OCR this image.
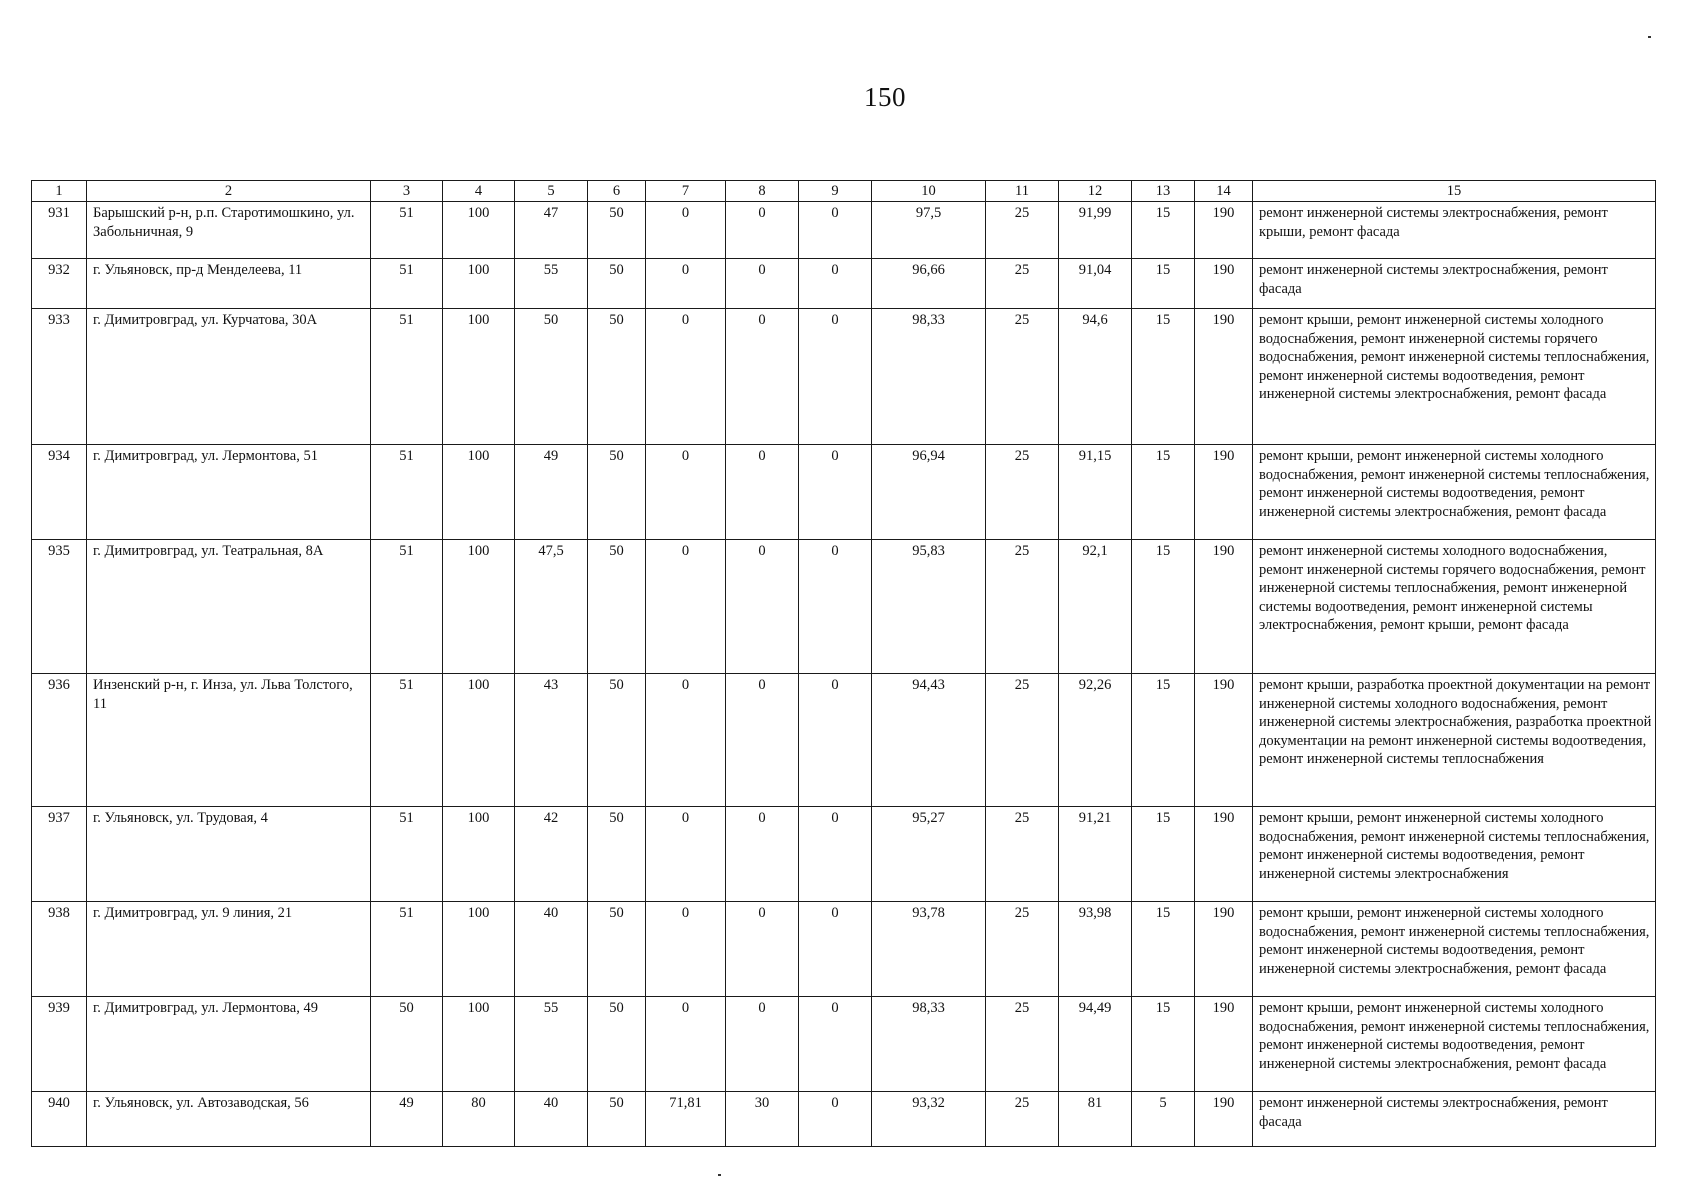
150
1	2	3	4	5	6	7	8	9	10	11	12	13	14	15
931	Барышский р-н, р.п. Старотимошкино, ул. Забольничная, 9	51	100	47	50	0	0	0	97,5	25	91,99	15	190	ремонт инженерной системы электроснабжения, ремонт крыши, ремонт фасада
932	г. Ульяновск, пр-д Менделеева, 11	51	100	55	50	0	0	0	96,66	25	91,04	15	190	ремонт инженерной системы электроснабжения, ремонт фасада
933	г. Димитровград, ул. Курчатова, 30А	51	100	50	50	0	0	0	98,33	25	94,6	15	190	ремонт крыши, ремонт инженерной системы холодного водоснабжения, ремонт инженерной системы горячего водоснабжения, ремонт инженерной системы теплоснабжения, ремонт инженерной системы водоотведения, ремонт инженерной системы электроснабжения, ремонт фасада
934	г. Димитровград, ул. Лермонтова, 51	51	100	49	50	0	0	0	96,94	25	91,15	15	190	ремонт крыши, ремонт инженерной системы холодного водоснабжения, ремонт инженерной системы теплоснабжения, ремонт инженерной системы водоотведения, ремонт инженерной системы электроснабжения, ремонт фасада
935	г. Димитровград, ул. Театральная, 8А	51	100	47,5	50	0	0	0	95,83	25	92,1	15	190	ремонт инженерной системы холодного водоснабжения, ремонт инженерной системы горячего водоснабжения, ремонт инженерной системы теплоснабжения, ремонт инженерной системы водоотведения, ремонт инженерной системы электроснабжения, ремонт крыши, ремонт фасада
936	Инзенский р-н, г. Инза, ул. Льва Толстого, 11	51	100	43	50	0	0	0	94,43	25	92,26	15	190	ремонт крыши, разработка проектной документации на ремонт инженерной системы холодного водоснабжения, ремонт инженерной системы электроснабжения, разработка проектной документации на ремонт инженерной системы водоотведения, ремонт инженерной системы теплоснабжения
937	г. Ульяновск, ул. Трудовая, 4	51	100	42	50	0	0	0	95,27	25	91,21	15	190	ремонт крыши, ремонт инженерной системы холодного водоснабжения, ремонт инженерной системы теплоснабжения, ремонт инженерной системы водоотведения, ремонт инженерной системы электроснабжения
938	г. Димитровград, ул. 9 линия, 21	51	100	40	50	0	0	0	93,78	25	93,98	15	190	ремонт крыши, ремонт инженерной системы холодного водоснабжения, ремонт инженерной системы теплоснабжения, ремонт инженерной системы водоотведения, ремонт инженерной системы электроснабжения, ремонт фасада
939	г. Димитровград, ул. Лермонтова, 49	50	100	55	50	0	0	0	98,33	25	94,49	15	190	ремонт крыши, ремонт инженерной системы холодного водоснабжения, ремонт инженерной системы теплоснабжения, ремонт инженерной системы водоотведения, ремонт инженерной системы электроснабжения, ремонт фасада
940	г. Ульяновск, ул. Автозаводская, 56	49	80	40	50	71,81	30	0	93,32	25	81	5	190	ремонт инженерной системы электроснабжения, ремонт фасада
